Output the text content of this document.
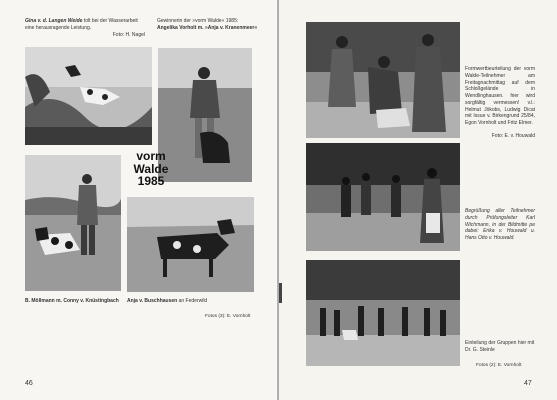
Gina v. d. Langen Weide tolt bei der Wasserarbeit eine herausragende Leistung.
Foto: H. Nagel
Gewinnerin der »vorm Walde« 1985:
Angelika Vorholt m. »Anja v. Kranenmeer«
vorm
Walde
1985
B. Möllmann m. Conny v. Knüstingbach	Anja v. Buschhausen an Federwild
Fotos (3): E. Vornholt
46
Formwertbeurteilung der vorm Walde-Teilnehmer am Freitagnachmittag auf dem Schloßgelände in Wendlinghausen. hier wird sorgfältig vermessen! v.l.: Helmut Jökobs, Ludwig Dicat mit Issue v. Birkengrund 25/84, Egon Vornholt und Fritz Elmer.
Foto: E. v. Houwald
Begrüßung aller Teilnehmer durch Prüfungsleiter Karl Wichmann, in der Bildmitte pe dabei: Erika v. Houwald u. Hans Otto v. Houwald.
Einteilung der Gruppen hier mit Dr. G. Steinle
Fotos (2): E. Vornholt
47
